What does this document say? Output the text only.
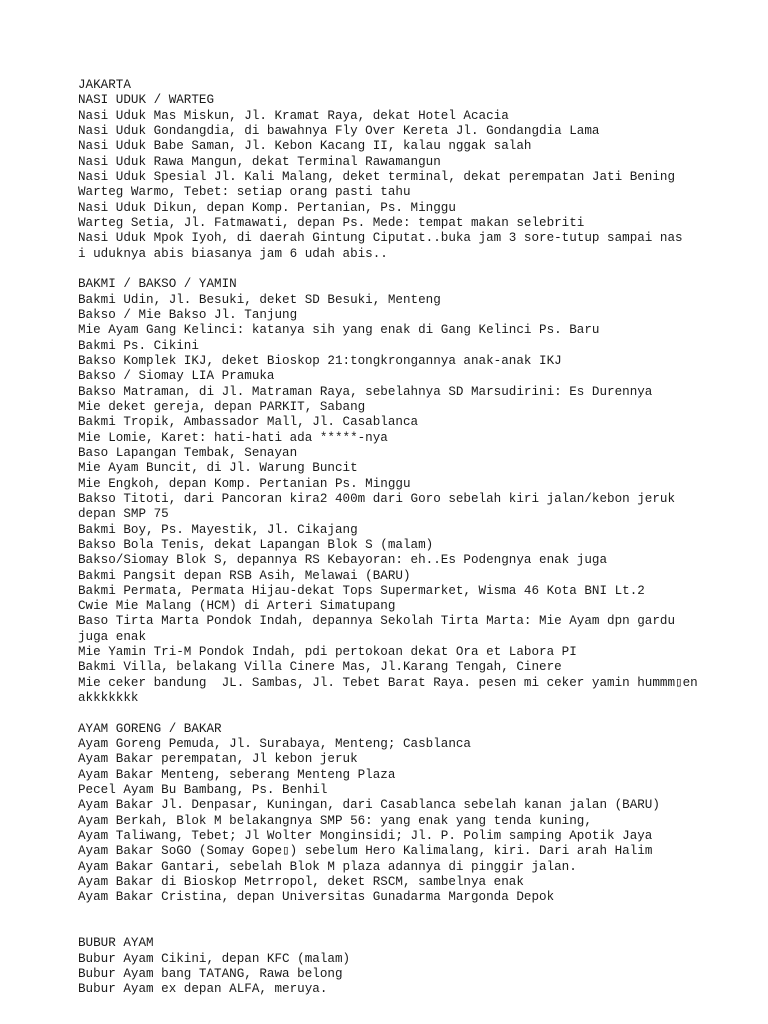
JAKARTA
NASI UDUK / WARTEG
Nasi Uduk Mas Miskun, Jl. Kramat Raya, dekat Hotel Acacia
Nasi Uduk Gondangdia, di bawahnya Fly Over Kereta Jl. Gondangdia Lama
Nasi Uduk Babe Saman, Jl. Kebon Kacang II, kalau nggak salah
Nasi Uduk Rawa Mangun, dekat Terminal Rawamangun
Nasi Uduk Spesial Jl. Kali Malang, deket terminal, dekat perempatan Jati Bening
Warteg Warmo, Tebet: setiap orang pasti tahu
Nasi Uduk Dikun, depan Komp. Pertanian, Ps. Minggu
Warteg Setia, Jl. Fatmawati, depan Ps. Mede: tempat makan selebriti
Nasi Uduk Mpok Iyoh, di daerah Gintung Ciputat..buka jam 3 sore-tutup sampai nas
i uduknya abis biasanya jam 6 udah abis..
BAKMI / BAKSO / YAMIN
Bakmi Udin, Jl. Besuki, deket SD Besuki, Menteng
Bakso / Mie Bakso Jl. Tanjung
Mie Ayam Gang Kelinci: katanya sih yang enak di Gang Kelinci Ps. Baru
Bakmi Ps. Cikini
Bakso Komplek IKJ, deket Bioskop 21:tongkrongannya anak-anak IKJ
Bakso / Siomay LIA Pramuka
Bakso Matraman, di Jl. Matraman Raya, sebelahnya SD Marsudirini: Es Durennya
Mie deket gereja, depan PARKIT, Sabang
Bakmi Tropik, Ambassador Mall, Jl. Casablanca
Mie Lomie, Karet: hati-hati ada *****-nya
Baso Lapangan Tembak, Senayan
Mie Ayam Buncit, di Jl. Warung Buncit
Mie Engkoh, depan Komp. Pertanian Ps. Minggu
Bakso Titoti, dari Pancoran kira2 400m dari Goro sebelah kiri jalan/kebon jeruk
depan SMP 75
Bakmi Boy, Ps. Mayestik, Jl. Cikajang
Bakso Bola Tenis, dekat Lapangan Blok S (malam)
Bakso/Siomay Blok S, depannya RS Kebayoran: eh..Es Podengnya enak juga
Bakmi Pangsit depan RSB Asih, Melawai (BARU)
Bakmi Permata, Permata Hijau-dekat Tops Supermarket, Wisma 46 Kota BNI Lt.2
Cwie Mie Malang (HCM) di Arteri Simatupang
Baso Tirta Marta Pondok Indah, depannya Sekolah Tirta Marta: Mie Ayam dpn gardu
juga enak
Mie Yamin Tri-M Pondok Indah, pdi pertokoan dekat Ora et Labora PI
Bakmi Villa, belakang Villa Cinere Mas, Jl.Karang Tengah, Cinere
Mie ceker bandung  JL. Sambas, Jl. Tebet Barat Raya. pesen mi ceker yamin hummm▯en
akkkkkkk
AYAM GORENG / BAKAR
Ayam Goreng Pemuda, Jl. Surabaya, Menteng; Casblanca
Ayam Bakar perempatan, Jl kebon jeruk
Ayam Bakar Menteng, seberang Menteng Plaza
Pecel Ayam Bu Bambang, Ps. Benhil
Ayam Bakar Jl. Denpasar, Kuningan, dari Casablanca sebelah kanan jalan (BARU)
Ayam Berkah, Blok M belakangnya SMP 56: yang enak yang tenda kuning,
Ayam Taliwang, Tebet; Jl Wolter Monginsidi; Jl. P. Polim samping Apotik Jaya
Ayam Bakar SoGO (Somay Gope▯) sebelum Hero Kalimalang, kiri. Dari arah Halim
Ayam Bakar Gantari, sebelah Blok M plaza adannya di pinggir jalan.
Ayam Bakar di Bioskop Metrropol, deket RSCM, sambelnya enak
Ayam Bakar Cristina, depan Universitas Gunadarma Margonda Depok
BUBUR AYAM
Bubur Ayam Cikini, depan KFC (malam)
Bubur Ayam bang TATANG, Rawa belong
Bubur Ayam ex depan ALFA, meruya.
